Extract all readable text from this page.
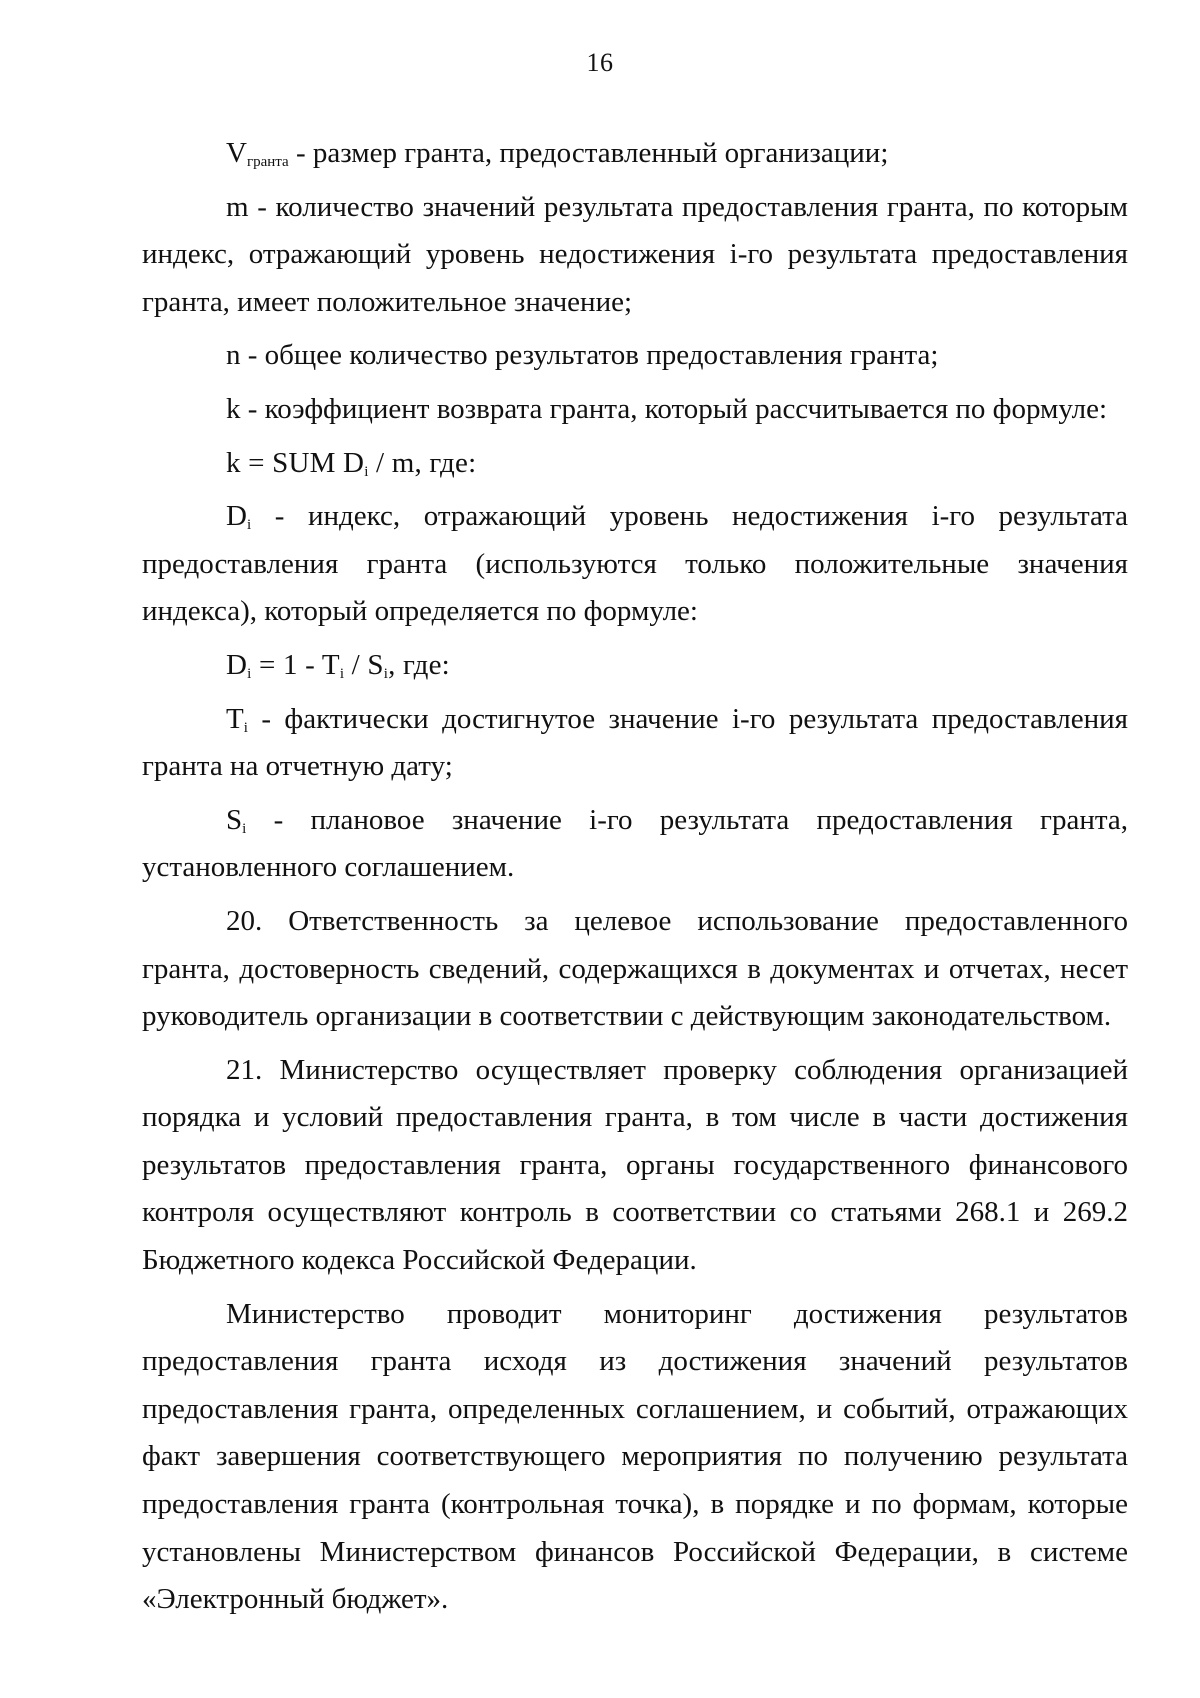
16

$V_{гранта}$ - размер гранта, предоставленный организации;

m - количество значений результата предоставления гранта, по которым индекс, отражающий уровень недостижения i-го результата предоставления гранта, имеет положительное значение;

n - общее количество результатов предоставления гранта;

k - коэффициент возврата гранта, который рассчитывается по формуле:

k = SUM $D_i$ / m, где:

$D_i$ - индекс, отражающий уровень недостижения i-го результата предоставления гранта (используются только положительные значения индекса), который определяется по формуле:

$D_i = 1 - T_i / S_i$, где:

$T_i$ - фактически достигнутое значение i-го результата предоставления гранта на отчетную дату;

$S_i$ - плановое значение i-го результата предоставления гранта, установленного соглашением.

20. Ответственность за целевое использование предоставленного гранта, достоверность сведений, содержащихся в документах и отчетах, несет руководитель организации в соответствии с действующим законодательством.

21. Министерство осуществляет проверку соблюдения организацией порядка и условий предоставления гранта, в том числе в части достижения результатов предоставления гранта, органы государственного финансового контроля осуществляют контроль в соответствии со статьями 268.1 и 269.2 Бюджетного кодекса Российской Федерации.

Министерство проводит мониторинг достижения результатов предоставления гранта исходя из достижения значений результатов предоставления гранта, определенных соглашением, и событий, отражающих факт завершения соответствующего мероприятия по получению результата предоставления гранта (контрольная точка), в порядке и по формам, которые установлены Министерством финансов Российской Федерации, в системе «Электронный бюджет».
